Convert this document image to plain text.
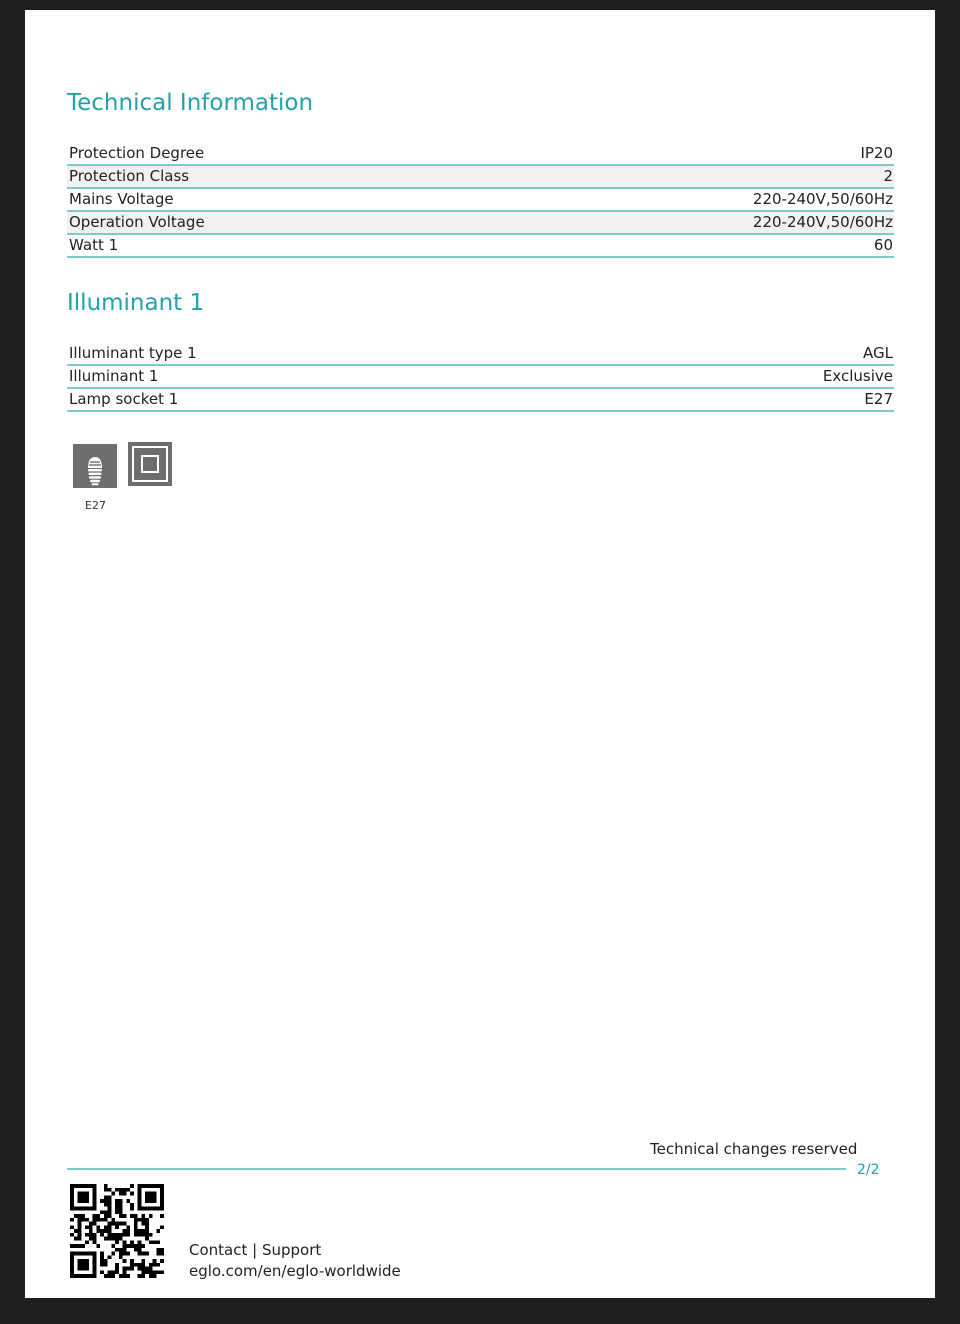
Technical Information
Protection Degree	IP20
Protection Class	2
Mains Voltage	220-240V,50/60Hz
Operation Voltage	220-240V,50/60Hz
Watt 1	60
Illuminant 1
Illuminant type 1	AGL
Illuminant 1	Exclusive
Lamp socket 1	E27
E27
Technical changes reserved
2/2
Contact | Support
eglo.com/en/eglo-worldwide
